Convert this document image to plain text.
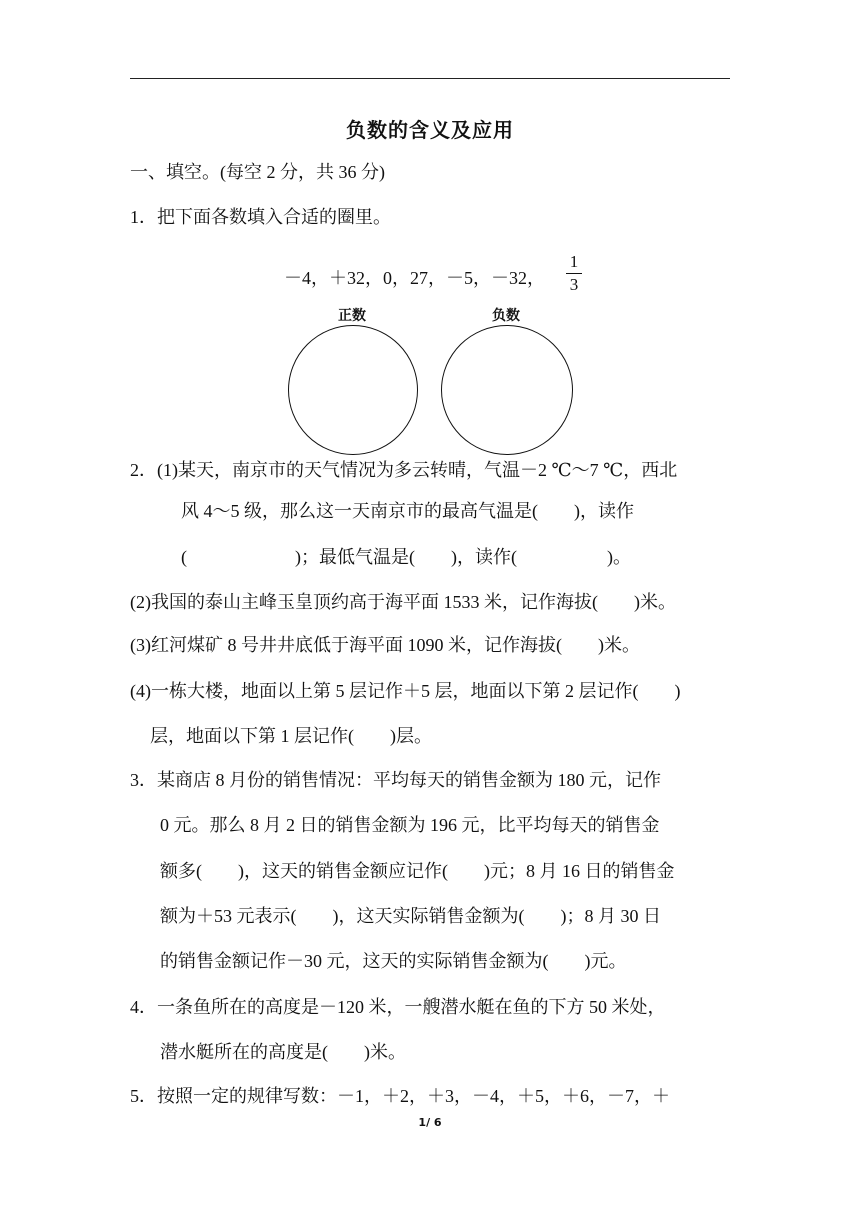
负数的含义及应用
一、填空。(每空 2 分，共 36 分)
1．把下面各数填入合适的圈里。
－4，＋32，0，27，－5，－32，
1
3
正数	负数
2．(1)某天，南京市的天气情况为多云转晴，气温－2 ℃～7 ℃，西北
风 4～5 级，那么这一天南京市的最高气温是(　　)，读作
(　　　　　　)；最低气温是(　　)，读作(　　　　　)。
(2)我国的泰山主峰玉皇顶约高于海平面 1533 米，记作海拔(　　)米。
(3)红河煤矿 8 号井井底低于海平面 1090 米，记作海拔(　　)米。
(4)一栋大楼，地面以上第 5 层记作＋5 层，地面以下第 2 层记作(　　)
层，地面以下第 1 层记作(　　)层。
3．某商店 8 月份的销售情况：平均每天的销售金额为 180 元，记作
0 元。那么 8 月 2 日的销售金额为 196 元，比平均每天的销售金
额多(　　)，这天的销售金额应记作(　　)元；8 月 16 日的销售金
额为＋53 元表示(　　)，这天实际销售金额为(　　)；8 月 30 日
的销售金额记作－30 元，这天的实际销售金额为(　　)元。
4．一条鱼所在的高度是－120 米，一艘潜水艇在鱼的下方 50 米处，
潜水艇所在的高度是(　　)米。
5．按照一定的规律写数：－1，＋2，＋3，－4，＋5，＋6，－7，＋
1/ 6
